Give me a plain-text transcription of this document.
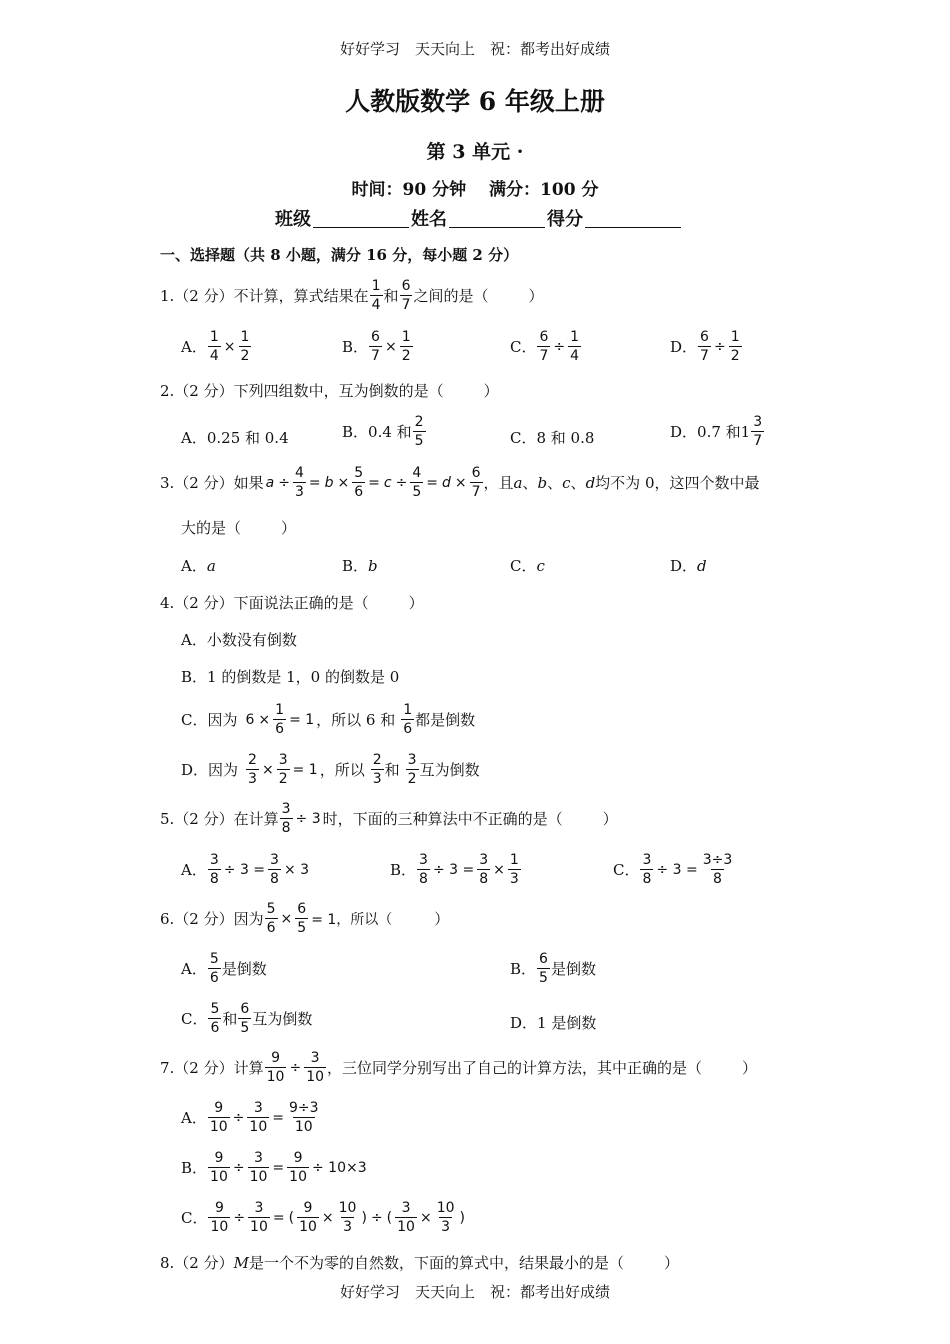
好好学习　天天向上　祝：都考出好成绩
人教版数学 6 年级上册
第 3 单元 ·
时间：90 分钟　 满分：100 分
班级	姓名	得分
一、选择题（共 8 小题，满分 16 分，每小题 2 分）
1.（2 分）不计算，算式结果在 $\frac{1}{4}$ 和 $\frac{6}{7}$ 之间的是（	）
A． $\frac{1}{4} \times \frac{1}{2}$	B． $\frac{6}{7} \times \frac{1}{2}$	C． $\frac{6}{7} \div \frac{1}{4}$	D． $\frac{6}{7} \div \frac{1}{2}$
2.（2 分）下列四组数中，互为倒数的是（	）
A．0.25 和 0.4	B．0.4 和 $\frac{2}{5}$	C．8 和 0.8	D．0.7 和$1 \frac{3}{7}$
3.（2 分）如果 $a \div \frac{4}{3} = b \times \frac{5}{6} = c \div \frac{4}{5} = d \times \frac{6}{7}$ ，且 a 、 b 、 c 、 d 均不为 0，这四个数中最
大的是（	）
A． a	B． b	C． c	D． d
4.（2 分）下面说法正确的是（	）
A．小数没有倒数
B．1 的倒数是 1，0 的倒数是 0
C．因为 $6 \times \frac{1}{6} = 1$ ，所以 6 和 $\frac{1}{6}$ 都是倒数
D．因为 $\frac{2}{3} \times \frac{3}{2} = 1$ ，所以 $\frac{2}{3}$ 和 $\frac{3}{2}$ 互为倒数
5.（2 分）在计算 $\frac{3}{8} \div 3$ 时，下面的三种算法中不正确的是（	）
A． $\frac{3}{8} \div 3 = \frac{3}{8} \times 3$	B． $\frac{3}{8} \div 3 = \frac{3}{8} \times \frac{1}{3}$	C． $\frac{3}{8} \div 3 = \frac{3\div 3}{8}$
6.（2 分）因为 $\frac{5}{6} \times \frac{6}{5} = 1$，所以（	）
A． $\frac{5}{6}$ 是倒数	B． $\frac{6}{5}$ 是倒数
C． $\frac{5}{6}$ 和 $\frac{6}{5}$ 互为倒数	D．1 是倒数
7.（2 分）计算 $\frac{9}{10} \div \frac{3}{10}$ ，三位同学分别写出了自己的计算方法，其中正确的是（	）
A． $\frac{9}{10} \div \frac{3}{10} = \frac{9\div 3}{10}$
B． $\frac{9}{10} \div \frac{3}{10} = \frac{9}{10} \div 10\times 3$
C． $\frac{9}{10} \div \frac{3}{10}$ = ( $\frac{9}{10} \times \frac{10}{3}$ ) ÷ ( $\frac{3}{10} \times \frac{10}{3}$ )
8.（2 分） M 是一个不为零的自然数，下面的算式中，结果最小的是（	）
好好学习　天天向上　祝：都考出好成绩
